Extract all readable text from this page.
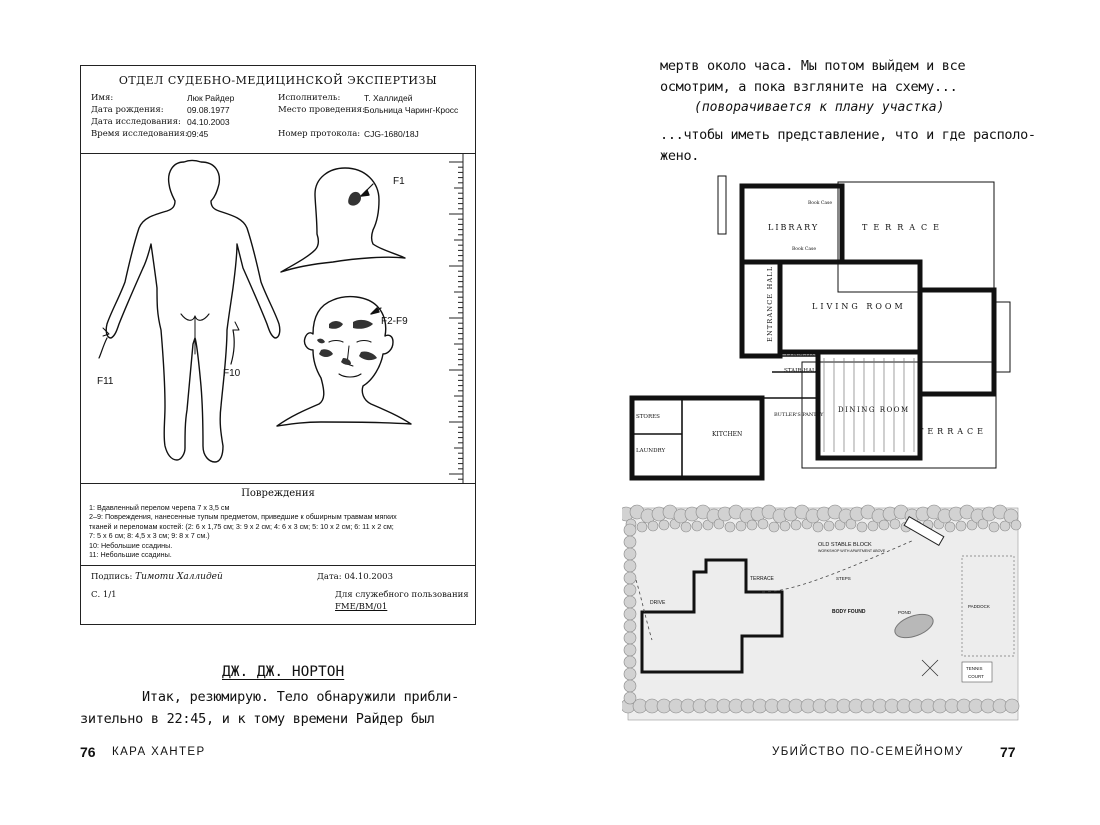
ОТДЕЛ СУДЕБНО-МЕДИЦИНСКОЙ ЭКСПЕРТИЗЫ
Имя:	Люк Райдер
Дата рождения:	09.08.1977
Дата исследования: 04.10.2003
Время исследования: 09:45
Исполнитель:	Т. Халлидей
Место проведения: Больница Чаринг-Кросс
Номер протокола: CJG-1680/18J
F1
F2-F9
F10
F11
Повреждения
1: Вдавленный перелом черепа 7 x 3,5 см
2–9: Повреждения, нанесенные тупым предметом, приведшие к обширным травмам мягких
тканей и переломам костей: (2: 6 x 1,75 см; 3: 9 x 2 см; 4: 6 x 3 см; 5: 10 x 2 см; 6: 11 x 2 см;
7: 5 x 6 см; 8: 4,5 x 3 см; 9: 8 x 7 см.)
10: Небольшие ссадины.
11: Небольшие ссадины.
Подпись: Тимоти Халлидей	Дата: 04.10.2003
С. 1/1	Для служебного пользования
FME/BM/01
ДЖ. ДЖ. НОРТОН
Итак, резюмирую. Тело обнаружили прибли-
зительно в 22:45, и к тому времени Райдер был
76 КАРА ХАНТЕР
мертв около часа. Мы потом выйдем и все
осмотрим, а пока взгляните на схему...
(поворачивается к плану участка)
...чтобы иметь представление, что и где располо-
жено.
LIBRARY
Book Case
Book Case
TERRACE
LIVING ROOM
ENTRANCE HALL
COAT-CLOS
STAIR-HALL
BUTLER'S PANTRY
DINING ROOM
TERRACE
KITCHEN
STORES
LAUNDRY
OLD STABLE BLOCK
WORKSHOP WITH APARTMENT ABOVE
TERRACE	STEPS
BODY FOUND	POND
DRIVE
PADDOCK
TENNIS
COURT
УБИЙСТВО ПО-СЕМЕЙНОМУ	77
